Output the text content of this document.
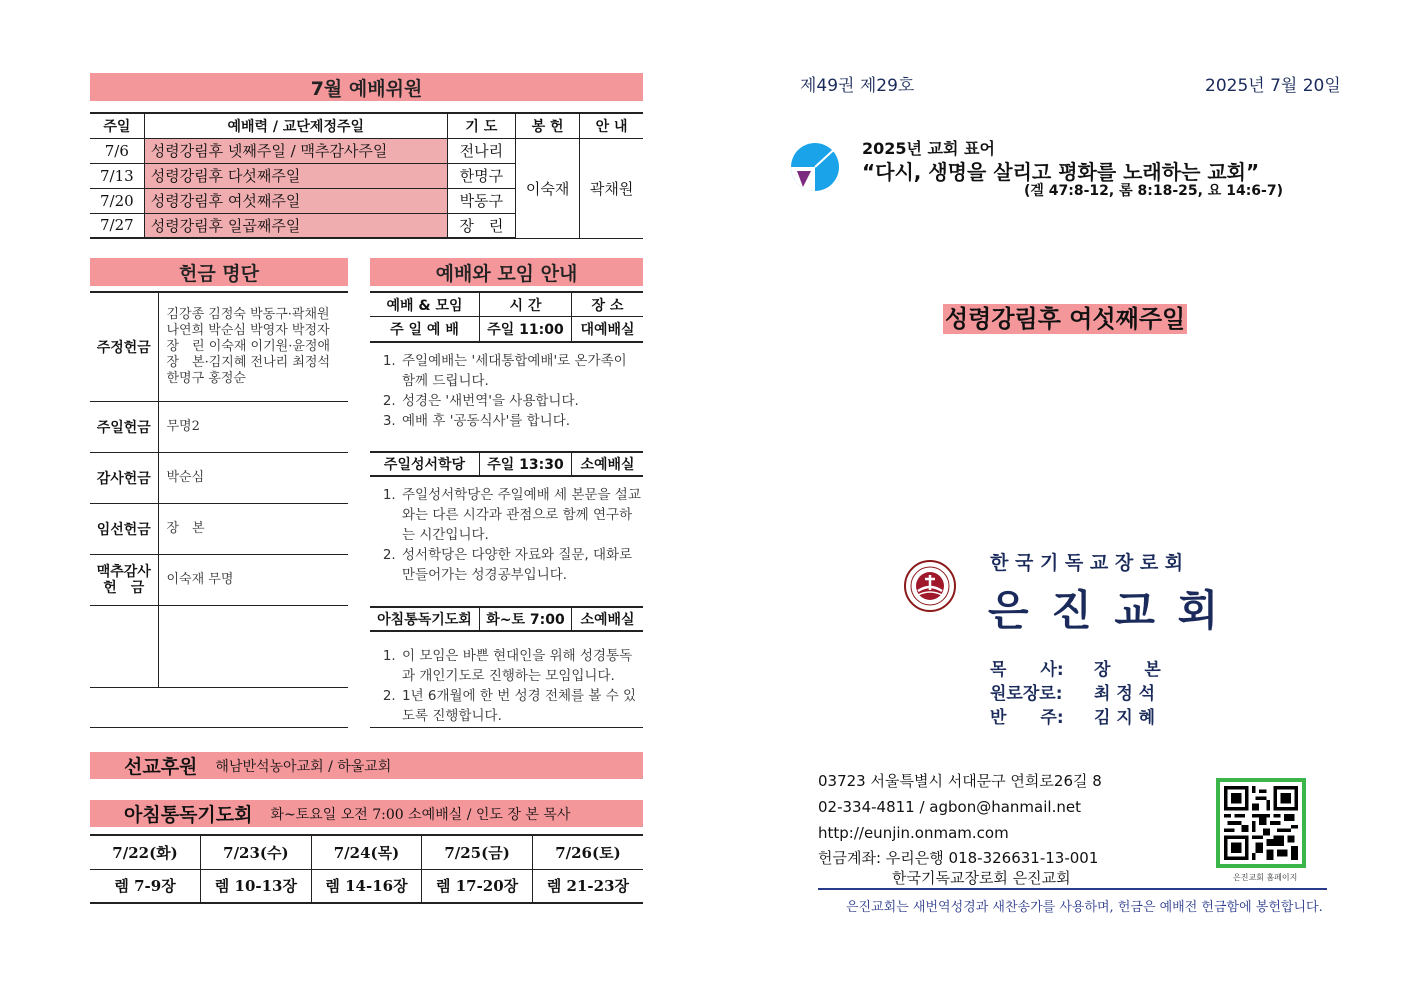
7월 예배위원
주일	예배력 / 교단제정주일	기 도	봉 헌	안 내
7/6	성령강림후 넷째주일 / 맥추감사주일	전나리	이숙재	곽채원
7/13	성령강림후 다섯째주일	한명구		
7/20	성령강림후 여섯째주일	박동구		
7/27	성령강림후 일곱째주일	장　린		
헌금 명단
주정헌금	김강종 김정숙 박동구·곽채원 나연희 박순심 박영자 박정자 장　린 이숙재 이기원·윤정애 장　본·김지혜 전나리 최정석 한명구 홍정순
주일헌금	무명2
감사헌금	박순심
임선헌금	장　본
맥추감사 헌　금	이숙재 무명

예배와 모임 안내
예배 & 모임	시 간	장 소
주 일 예 배	주일 11:00	대예배실
1. 주일예배는 '세대통합예배'로 온가족이 함께 드립니다.
2. 성경은 '새번역'을 사용합니다.
3. 예배 후 '공동식사'를 합니다.
주일성서학당	주일 13:30	소예배실
1. 주일성서학당은 주일예배 세 본문을 설교와는 다른 시각과 관점으로 함께 연구하는 시간입니다.
2. 성서학당은 다양한 자료와 질문, 대화로 만들어가는 성경공부입니다.
아침통독기도회	화~토 7:00	소예배실
1. 이 모임은 바쁜 현대인을 위해 성경통독과 개인기도로 진행하는 모임입니다.
2. 1년 6개월에 한 번 성경 전체를 볼 수 있도록 진행합니다.
선교후원 해남반석농아교회 / 하울교회
아침통독기도회 화~토요일 오전 7:00 소예배실 / 인도 장 본 목사
7/22(화)	7/23(수)	7/24(목)	7/25(금)	7/26(토)
렘 7-9장	렘 10-13장	렘 14-16장	렘 17-20장	렘 21-23장
제49권 제29호	2025년 7월 20일
2025년 교회 표어
“다시, 생명을 살리고 평화를 노래하는 교회”
(겔 47:8-12, 롬 8:18-25, 요 14:6-7)
성령강림후 여섯째주일
한 국 기 독 교 장 로 회
은 진 교 회
목　　사:	장　　본
원로장로:	최 정 석
반　　주:	김 지 혜
03723 서울특별시 서대문구 연희로26길 8
02-334-4811 / agbon@hanmail.net
http://eunjin.onmam.com
헌금계좌: 우리은행 018-326631-13-001
한국기독교장로회 은진교회	은진교회 홈페이지
은진교회는 새번역성경과 새찬송가를 사용하며, 헌금은 예배전 헌금함에 봉헌합니다.
